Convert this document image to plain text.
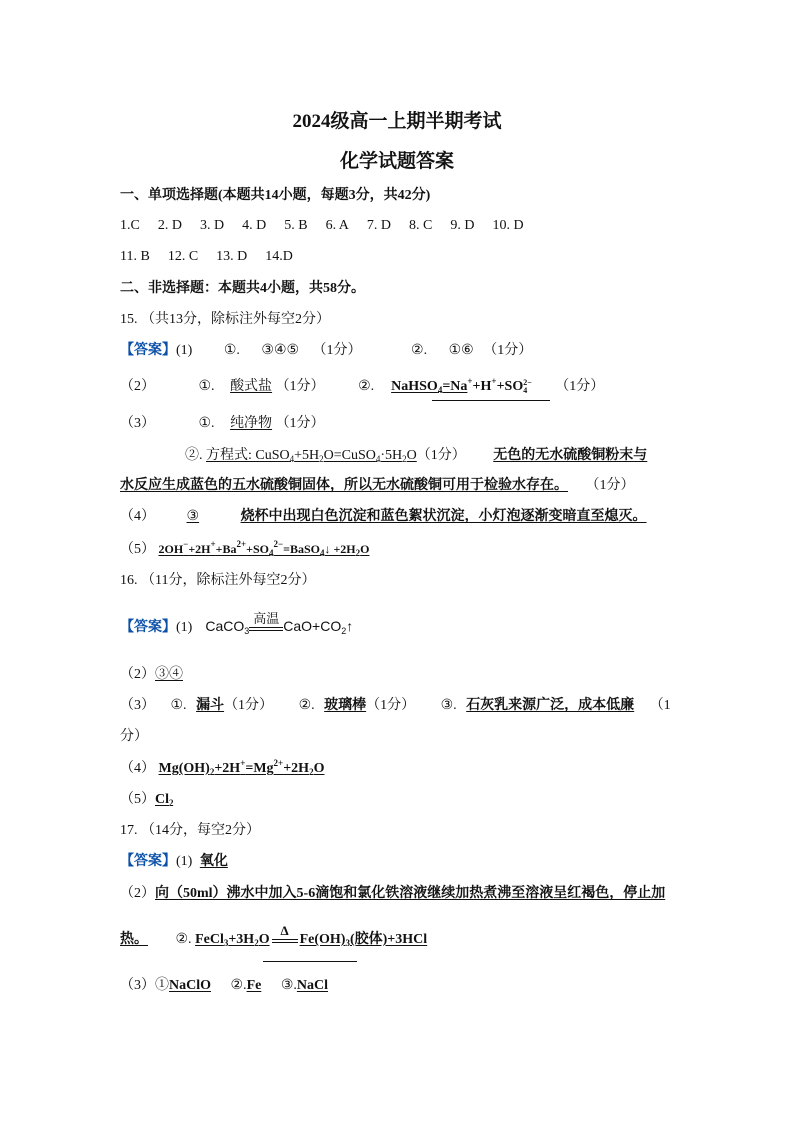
2024级高一上期半期考试
化学试题答案
一、单项选择题(本题共14小题，每题3分，共42分)
1.C 2. D 3. D 4. D 5. B 6. A 7. D 8. C 9. D 10. D
11. B 12. C 13. D 14.D
二、非选择题：本题共4小题，共58分。
15. （共13分，除标注外每空2分）
【答案】(1) ①. ③④⑤ （1分）	②. ①⑥ （1分）
（2）	①. 酸式盐 （1分） ②. NaHSO$_4$=Na++H++SO 2−
4	（1分）
（3）	①. 纯净物 （1分）
②. 方程式: $CuSO_4+5H_2O=CuSO_4\cdot 5H_2O(1$分） 无色的无水硫酸铜粉末与
水反应生成蓝色的五水硫酸铜固体，所以无水硫酸铜可用于检验水存在。 （1分）
（4） ③	烧杯中出现白色沉淀和蓝色絮状沉淀，小灯泡逐渐变暗直至熄灭。
（5） $2OH^-+2H^++Ba^{2+}+SO_4^{2-}=BaSO_4↓ +2H_2O$
16. （11分，除标注外每空2分）
【答案】(1) CaCO$_3$
高温 $CaO+CO_2↑$
（2）③④
（3） ①. 漏斗（1分） ②. 玻璃棒（1分） ③. 石灰乳来源广泛，成本低廉 （1
分）
（4） $Mg(OH)_2+2H^+=Mg^{2+}+2H_2O$
$(5)Cl_2$
17. （14分，每空2分）
【答案】(1) 氧化
（2）向（50ml）沸水中加入5-6滴饱和氯化铁溶液继续加热煮沸至溶液呈红褐色，停止加
热。 ②. $FeCl_3+3H_2O$
Δ
$Fe(OH)_3$(胶体)+3HCl
（3）①NaClO ②.Fe ③.NaCl
